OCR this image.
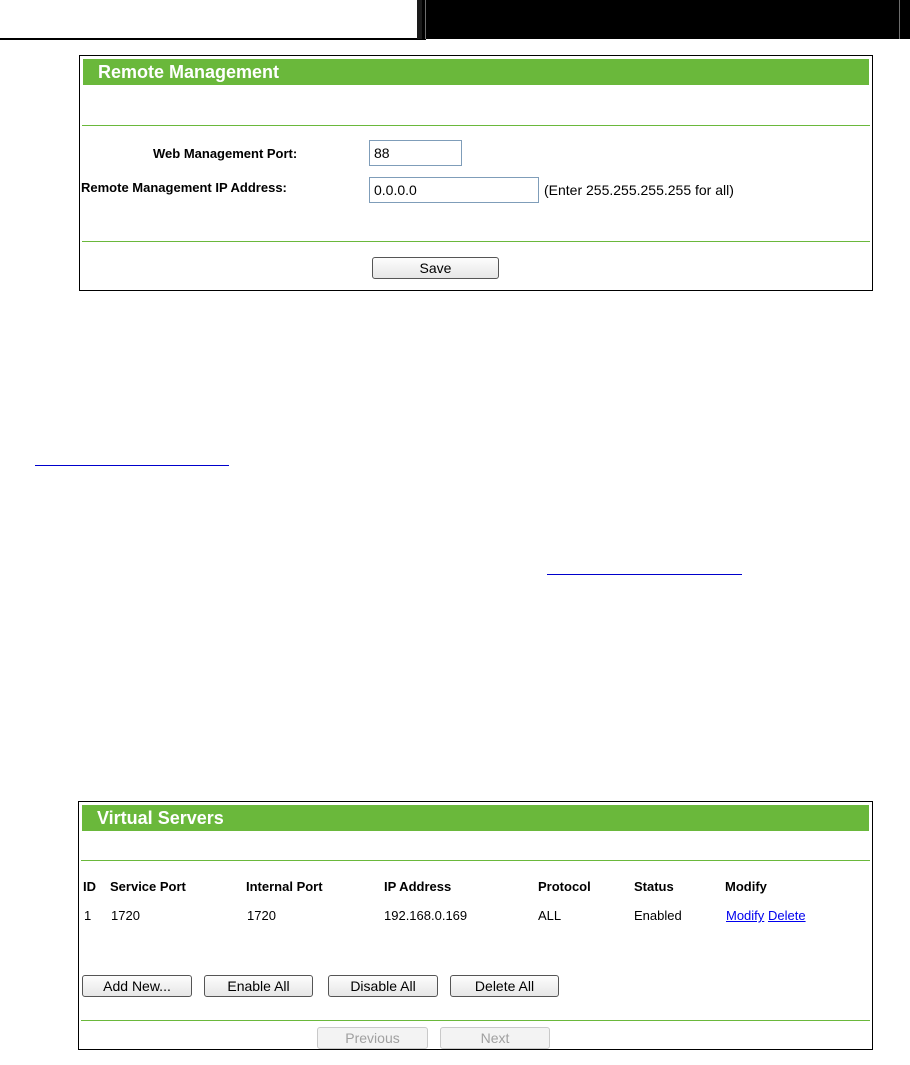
Remote Management
Web Management Port:	88
Remote Management IP Address:	0.0.0.0	(Enter 255.255.255.255 for all)
Save
Virtual Servers
ID Service Port	Internal Port	IP Address	Protocol	Status	Modify
1 1720	1720	192.168.0.169	ALL	Enabled	Modify Delete
Add New...	Enable All	Disable All	Delete All
Previous	Next
